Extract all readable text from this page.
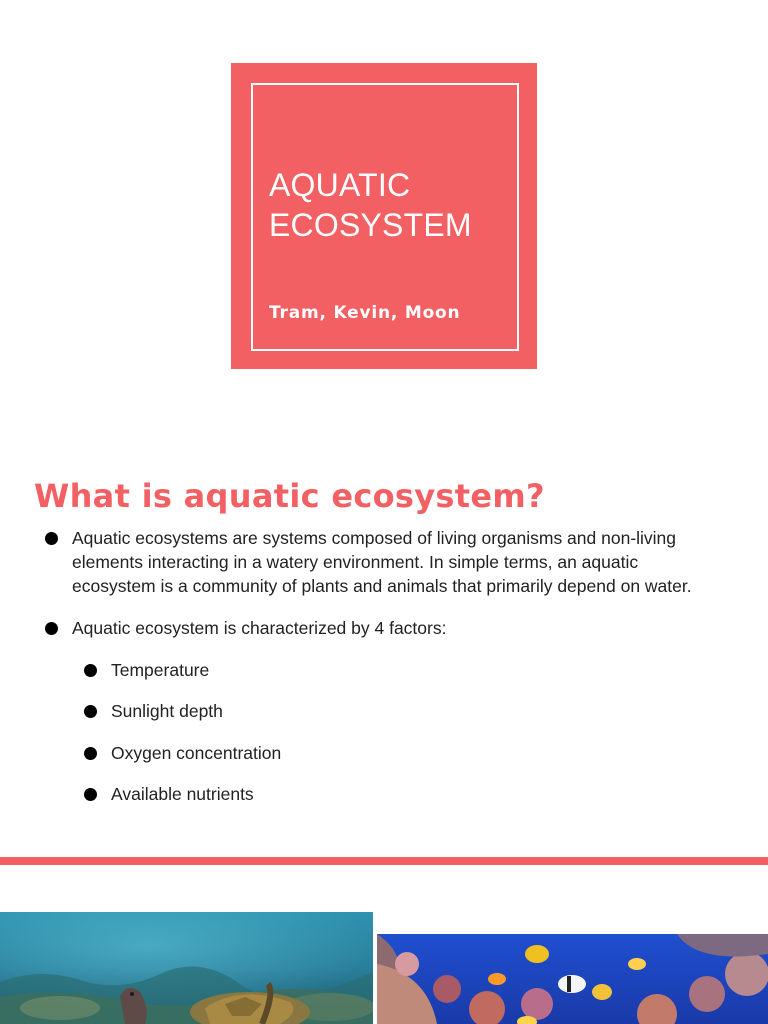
AQUATIC
ECOSYSTEM
Tram, Kevin, Moon
What is aquatic ecosystem?
Aquatic ecosystems are systems composed of living organisms and non-living elements interacting in a watery environment. In simple terms, an aquatic ecosystem is a community of plants and animals that primarily depend on water.
Aquatic ecosystem is characterized by 4 factors:
Temperature
Sunlight depth
Oxygen concentration
Available nutrients
